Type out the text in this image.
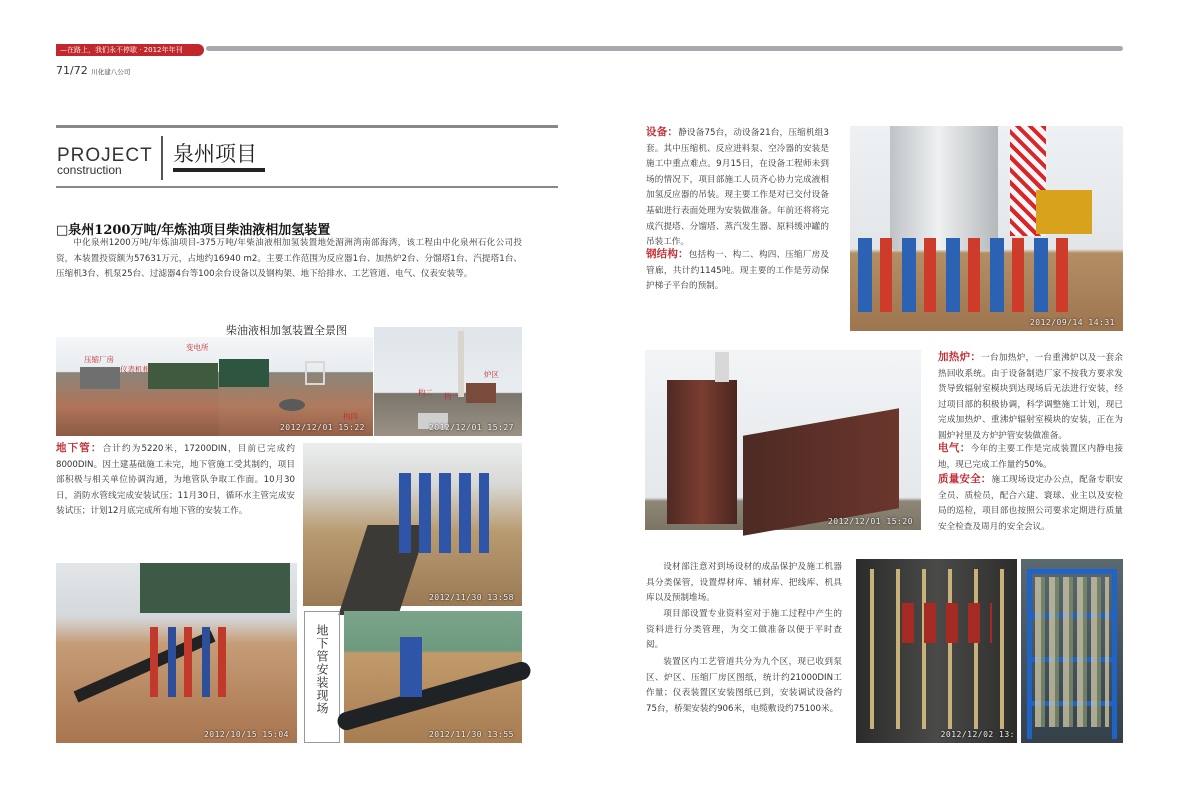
—在路上，我们永不停歇 · 2012年年刊
71/72 川化建八公司
PROJECT
construction
泉州项目
□泉州1200万吨/年炼油项目柴油液相加氢装置
中化泉州1200万吨/年炼油项目-375万吨/年柴油液相加氢装置地处湄洲湾南部海湾，该工程由中化泉州石化公司投资，本装置投资额为57631万元，占地约16940 m2。主要工作范围为反应器1台、加热炉2台、分馏塔1台、汽提塔1台、压缩机3台、机泵25台、过滤器4台等100余台设备以及钢构架、地下给排水、工艺管道、电气、仪表安装等。
柴油液相加氢装置全景图
压缩厂房
仪表机柜
变电所
构四
2012/12/01 15:22
炉区
构二 构一
2012/12/01 15:27
地下管：合计约为5220米，17200DIN，目前已完成约8000DIN。因土建基础施工未完，地下管施工受其制约，项目部积极与相关单位协调沟通，为地管队争取工作面。10月30日，消防水管线完成安装试压；11月30日，循环水主管完成安装试压；计划12月底完成所有地下管的安装工作。
2012/11/30 13:58
2012/10/15 15:04
地下管安装现场
2012/11/30 13:55
设备：静设备75台，动设备21台，压缩机组3套。其中压缩机、反应进料泵、空冷器的安装是施工中重点难点。9月15日，在设备工程师未到场的情况下，项目部施工人员齐心协力完成液相加氢反应器的吊装。现主要工作是对已交付设备基础进行表面处理为安装做准备。年前还将将完成汽提塔、分馏塔、蒸汽发生器、原料缓冲罐的吊装工作。
钢结构：包括构一、构二、构四、压缩厂房及管廊，共计约1145吨。现主要的工作是劳动保护梯子平台的预制。
2012/09/14 14:31
2012/12/01 15:20
加热炉：一台加热炉，一台重沸炉以及一套余热回收系统。由于设备制造厂家不按我方要求发货导致辐射室模块到达现场后无法进行安装，经过项目部的积极协调，科学调整施工计划，现已完成加热炉、重沸炉辐射室模块的安装，正在为圆炉衬里及方炉护管安装做准备。
电气：今年的主要工作是完成装置区内静电接地，现已完成工作量约50%。
质量安全：施工现场设定办公点，配备专职安全员、质检员，配合六建、寰球、业主以及安检局的巡检，项目部也按照公司要求定期进行质量安全检查及周月的安全会议。
设材部注意对到场设材的成品保护及施工机器具分类保管，设置焊材库、辅材库、把线库、机具库以及预制堆场。
项目部设置专业资料室对于施工过程中产生的资料进行分类管理，为交工做准备以便于平时查阅。
装置区内工艺管道共分为九个区，现已收到泵区、炉区、压缩厂房区图纸，统计约21000DIN工作量；仪表装置区安装图纸已到，安装调试设备约75台，桥架安装约906米，电缆敷设约75100米。
2012/12/02 13:
